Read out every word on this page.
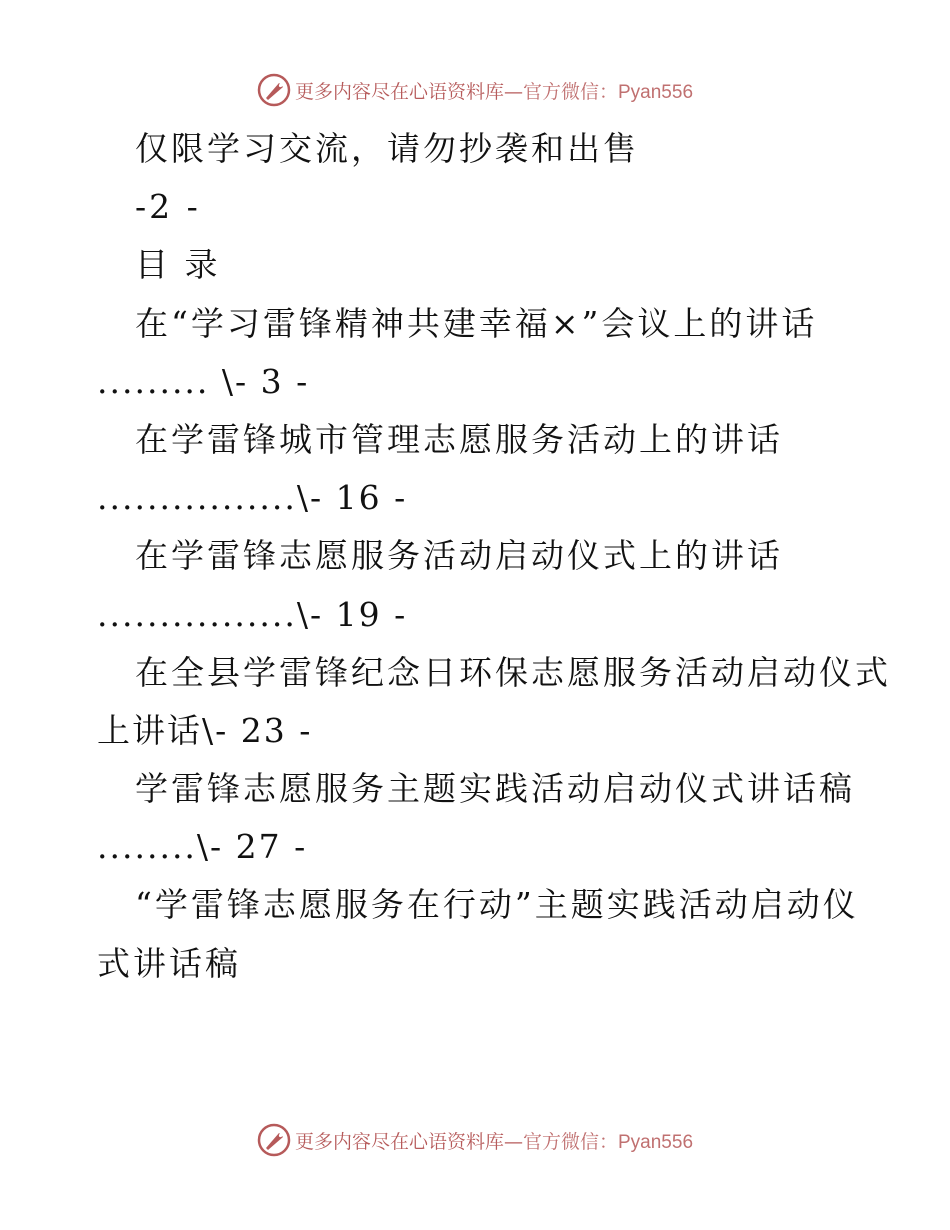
更多内容尽在心语资料库— 官方微信：Pyan556
仅限学习交流，请勿抄袭和出售
-2 -
目 录
在“学习雷锋精神共建幸福×”会议上的讲话
......... \- 3 -
在学雷锋城市管理志愿服务活动上的讲话
................\- 16 -
在学雷锋志愿服务活动启动仪式上的讲话
................\- 19 -
在全县学雷锋纪念日环保志愿服务活动启动仪式
上讲话\- 23 -
学雷锋志愿服务主题实践活动启动仪式讲话稿
........\- 27 -
“学雷锋志愿服务在行动”主题实践活动启动仪
式讲话稿
更多内容尽在心语资料库— 官方微信：Pyan556
